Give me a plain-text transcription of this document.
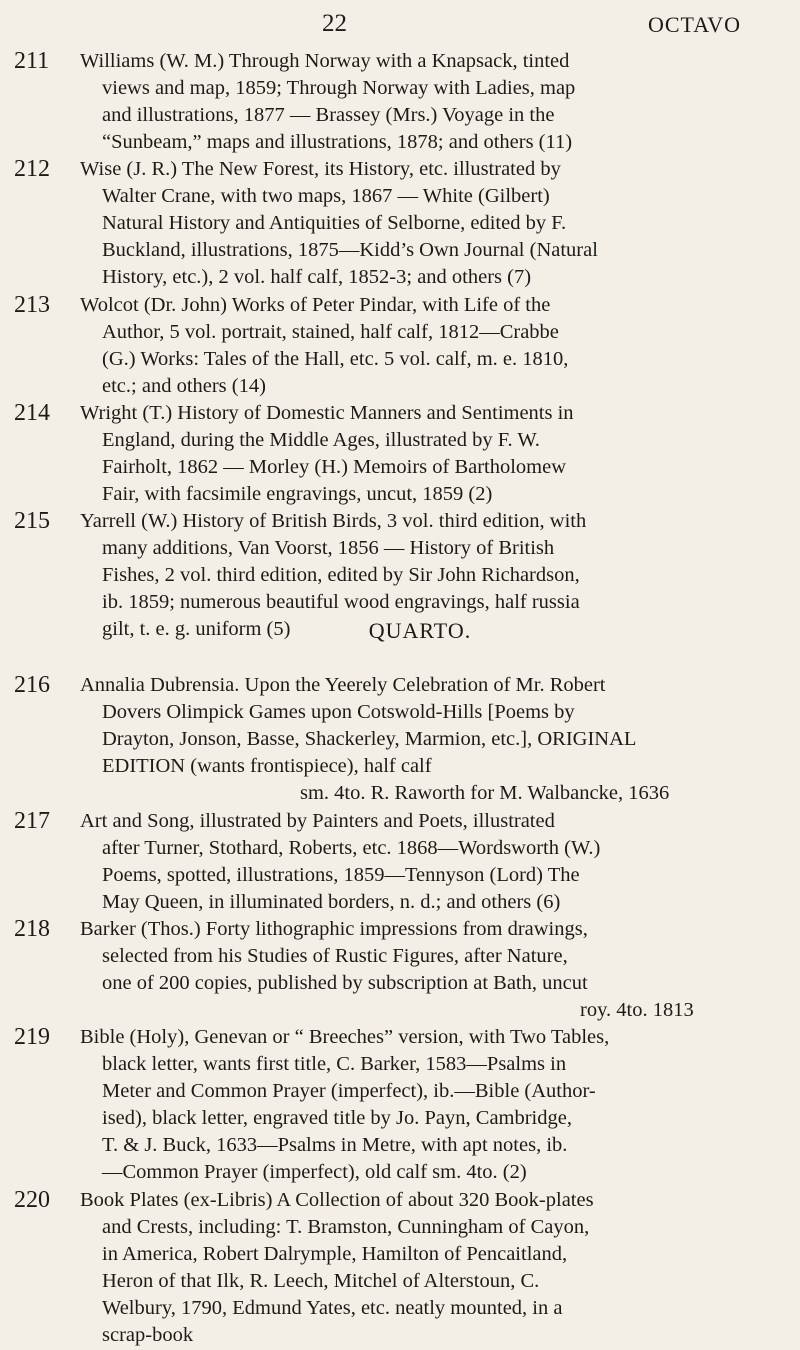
22	OCTAVO
211	Williams (W. M.) Through Norway with a Knapsack, tinted
views and map, 1859; Through Norway with Ladies, map
and illustrations, 1877 — Brassey (Mrs.) Voyage in the
“Sunbeam,” maps and illustrations, 1878; and others (11)
212	Wise (J. R.) The New Forest, its History, etc. illustrated by
Walter Crane, with two maps, 1867 — White (Gilbert)
Natural History and Antiquities of Selborne, edited by F.
Buckland, illustrations, 1875—Kidd’s Own Journal (Natural
History, etc.), 2 vol. half calf, 1852-3; and others (7)
213	Wolcot (Dr. John) Works of Peter Pindar, with Life of the
Author, 5 vol. portrait, stained, half calf, 1812—Crabbe
(G.) Works: Tales of the Hall, etc. 5 vol. calf, m. e. 1810,
etc.; and others (14)
214	Wright (T.) History of Domestic Manners and Sentiments in
England, during the Middle Ages, illustrated by F. W.
Fairholt, 1862 — Morley (H.) Memoirs of Bartholomew
Fair, with facsimile engravings, uncut, 1859 (2)
215	Yarrell (W.) History of British Birds, 3 vol. third edition, with
many additions, Van Voorst, 1856 — History of British
Fishes, 2 vol. third edition, edited by Sir John Richardson,
ib. 1859; numerous beautiful wood engravings, half russia
gilt, t. e. g. uniform (5)	QUARTO.
216	Annalia Dubrensia. Upon the Yeerely Celebration of Mr. Robert
Dovers Olimpick Games upon Cotswold-Hills [Poems by
Drayton, Jonson, Basse, Shackerley, Marmion, etc.], ORIGINAL
EDITION (wants frontispiece), half calf
sm. 4to. R. Raworth for M. Walbancke, 1636
217	Art and Song, illustrated by Painters and Poets, illustrated
after Turner, Stothard, Roberts, etc. 1868—Wordsworth (W.)
Poems, spotted, illustrations, 1859—Tennyson (Lord) The
May Queen, in illuminated borders, n. d.; and others (6)
218	Barker (Thos.) Forty lithographic impressions from drawings,
selected from his Studies of Rustic Figures, after Nature,
one of 200 copies, published by subscription at Bath, uncut
roy. 4to. 1813
219	Bible (Holy), Genevan or “ Breeches” version, with Two Tables,
black letter, wants first title, C. Barker, 1583—Psalms in
Meter and Common Prayer (imperfect), ib.—Bible (Author-
ised), black letter, engraved title by Jo. Payn, Cambridge,
T. & J. Buck, 1633—Psalms in Metre, with apt notes, ib.
—Common Prayer (imperfect), old calf sm. 4to. (2)
220	Book Plates (ex-Libris) A Collection of about 320 Book-plates
and Crests, including: T. Bramston, Cunningham of Cayon,
in America, Robert Dalrymple, Hamilton of Pencaitland,
Heron of that Ilk, R. Leech, Mitchel of Alterstoun, C.
Welbury, 1790, Edmund Yates, etc. neatly mounted, in a
scrap-book
